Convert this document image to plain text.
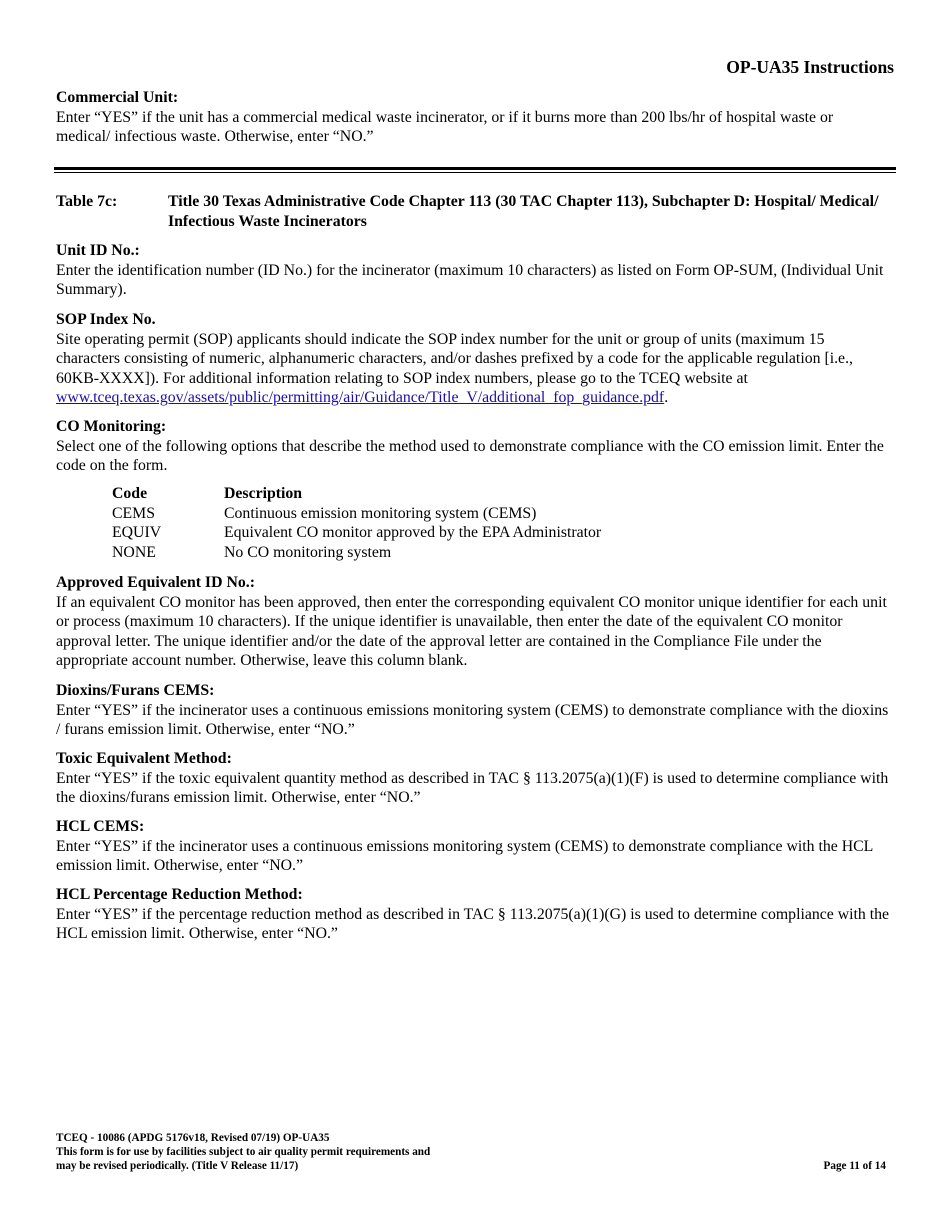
OP-UA35 Instructions
Commercial Unit:
Enter “YES” if the unit has a commercial medical waste incinerator, or if it burns more than 200 lbs/hr of hospital waste or medical/ infectious waste. Otherwise, enter “NO.”
Table 7c:	Title 30 Texas Administrative Code Chapter 113 (30 TAC Chapter 113), Subchapter D: Hospital/ Medical/ Infectious Waste Incinerators
Unit ID No.:
Enter the identification number (ID No.) for the incinerator (maximum 10 characters) as listed on Form OP-SUM, (Individual Unit Summary).
SOP Index No.
Site operating permit (SOP) applicants should indicate the SOP index number for the unit or group of units (maximum 15 characters consisting of numeric, alphanumeric characters, and/or dashes prefixed by a code for the applicable regulation [i.e., 60KB-XXXX]). For additional information relating to SOP index numbers, please go to the TCEQ website at www.tceq.texas.gov/assets/public/permitting/air/Guidance/Title_V/additional_fop_guidance.pdf.
CO Monitoring:
Select one of the following options that describe the method used to demonstrate compliance with the CO emission limit. Enter the code on the form.
Code	Description
CEMS	Continuous emission monitoring system (CEMS)
EQUIV	Equivalent CO monitor approved by the EPA Administrator
NONE	No CO monitoring system
Approved Equivalent ID No.:
If an equivalent CO monitor has been approved, then enter the corresponding equivalent CO monitor unique identifier for each unit or process (maximum 10 characters). If the unique identifier is unavailable, then enter the date of the equivalent CO monitor approval letter. The unique identifier and/or the date of the approval letter are contained in the Compliance File under the appropriate account number. Otherwise, leave this column blank.
Dioxins/Furans CEMS:
Enter “YES” if the incinerator uses a continuous emissions monitoring system (CEMS) to demonstrate compliance with the dioxins / furans emission limit. Otherwise, enter “NO.”
Toxic Equivalent Method:
Enter “YES” if the toxic equivalent quantity method as described in TAC § 113.2075(a)(1)(F) is used to determine compliance with the dioxins/furans emission limit. Otherwise, enter “NO.”
HCL CEMS:
Enter “YES” if the incinerator uses a continuous emissions monitoring system (CEMS) to demonstrate compliance with the HCL emission limit. Otherwise, enter “NO.”
HCL Percentage Reduction Method:
Enter “YES” if the percentage reduction method as described in TAC § 113.2075(a)(1)(G) is used to determine compliance with the HCL emission limit. Otherwise, enter “NO.”
TCEQ - 10086 (APDG 5176v18, Revised 07/19) OP-UA35
This form is for use by facilities subject to air quality permit requirements and
may be revised periodically. (Title V Release 11/17)	Page 11 of 14
